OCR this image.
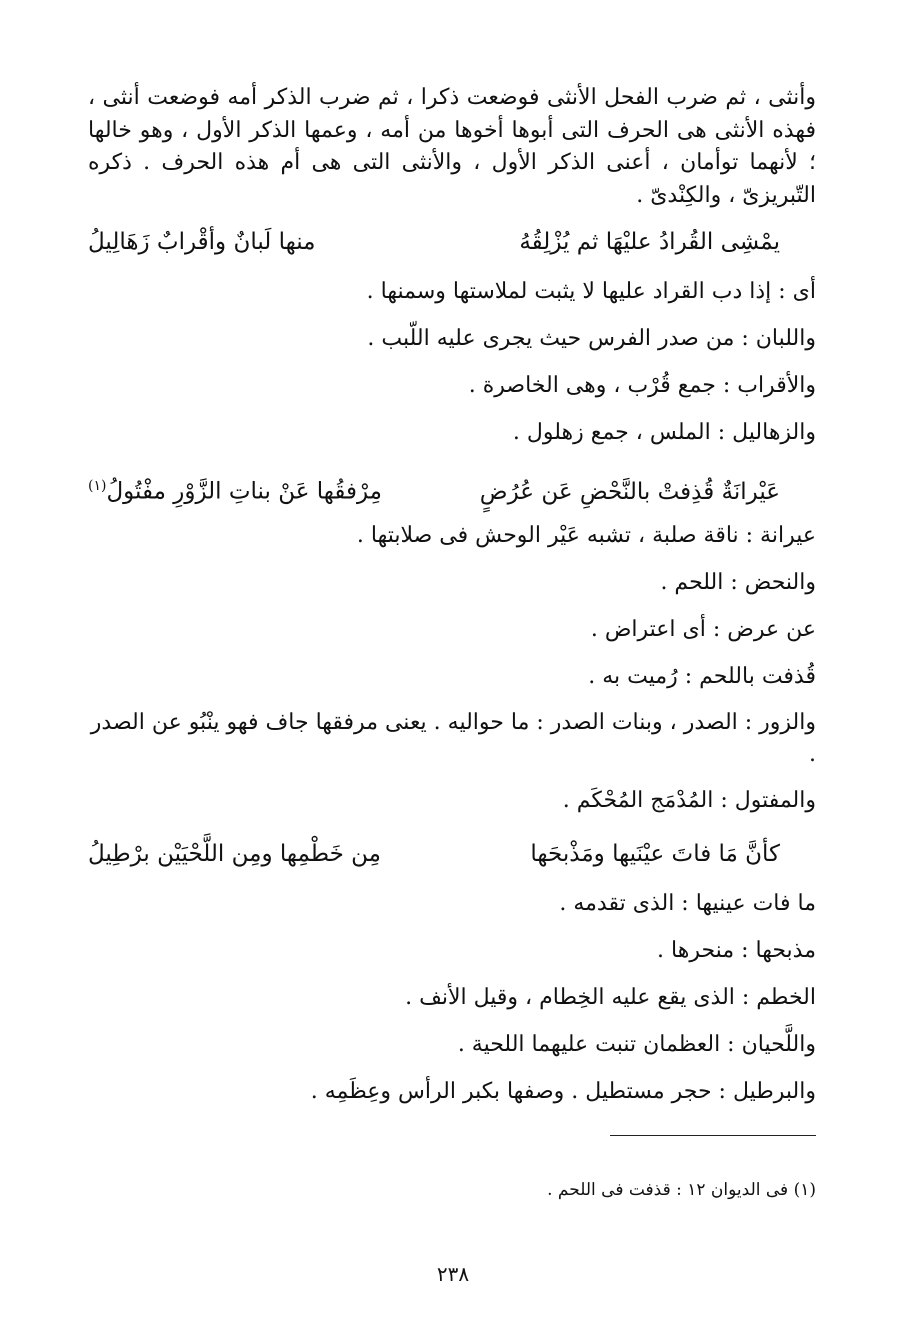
وأنثى ، ثم ضرب الفحل الأنثى فوضعت ذكرا ، ثم ضرب الذكر أمه فوضعت أنثى ، فهذه الأنثى هى الحرف التى أبوها أخوها من أمه ، وعمها الذكر الأول ، وهو خالها ؛ لأنهما توأمان ، أعنى الذكر الأول ، والأنثى التى هى أم هذه الحرف . ذكره التّبريزىّ ، والكِنْدىّ .

يمْشِى القُرادُ عليْهَا ثم يُزْلِقُهُ
منها لَبانٌ وأقْرابٌ زَهَالِيلُ

أى : إذا دب القراد عليها لا يثبت لملاستها وسمنها .

واللبان : من صدر الفرس حيث يجرى عليه اللّبب .

والأقراب : جمع قُرْب ، وهى الخاصرة .

والزهاليل : الملس ، جمع زهلول .

عَيْرانَةٌ قُذِفتْ بالنَّحْضِ عَن عُرُضٍ
مِرْفقُها عَنْ بناتِ الزَّوْرِ مفْتُولُ$^{(١)}$

عيرانة : ناقة صلبة ، تشبه عَيْر الوحش فى صلابتها .

والنحض : اللحم .

عن عرض : أى اعتراض .

قُذفت باللحم : رُميت به .

والزور : الصدر ، وبنات الصدر : ما حواليه . يعنى مرفقها جاف فهو ينْبُو عن الصدر .

والمفتول : المُدْمَج المُحْكَم .

كأنَّ مَا فاتَ عيْنَيها ومَذْبحَها
مِن خَطْمِها ومِن اللَّحْيَيْن برْطِيلُ

ما فات عينيها : الذى تقدمه .

مذبحها : منحرها .

الخطم : الذى يقع عليه الخِطام ، وقيل الأنف .

واللَّحيان : العظمان تنبت عليهما اللحية .

والبرطيل : حجر مستطيل . وصفها بكبر الرأس وعِظَمِه .

(١) فى الديوان ١٢ : قذفت فى اللحم .
٢٣٨
